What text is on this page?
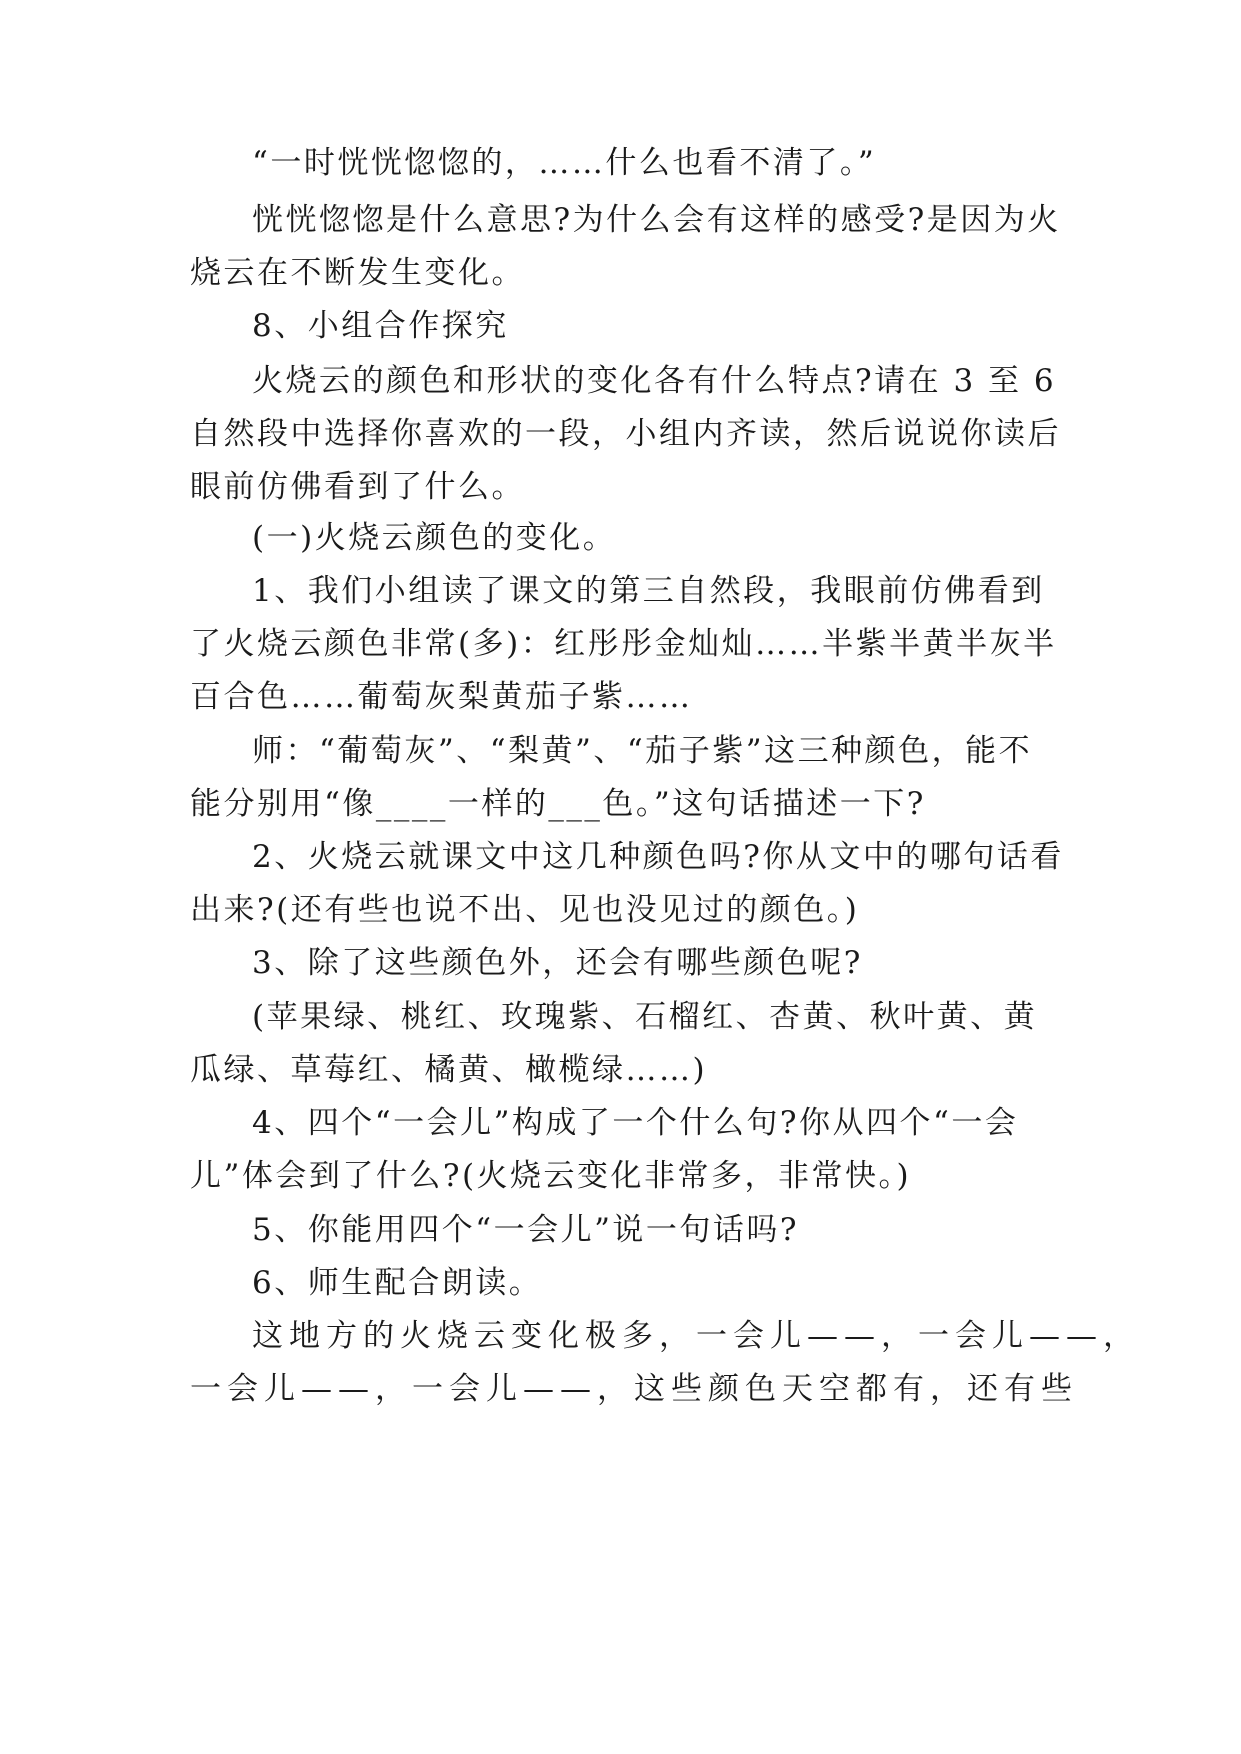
“一时恍恍惚惚的，……什么也看不清了。”
恍恍惚惚是什么意思?为什么会有这样的感受?是因为火
烧云在不断发生变化。
8、小组合作探究
火烧云的颜色和形状的变化各有什么特点?请在 3 至 6
自然段中选择你喜欢的一段，小组内齐读，然后说说你读后
眼前仿佛看到了什么。
(一)火烧云颜色的变化。
1、我们小组读了课文的第三自然段，我眼前仿佛看到
了火烧云颜色非常(多)：红彤彤金灿灿……半紫半黄半灰半
百合色……葡萄灰梨黄茄子紫……
师：“葡萄灰”、“梨黄”、“茄子紫”这三种颜色，能不
能分别用“像____一样的___色。”这句话描述一下?
2、火烧云就课文中这几种颜色吗?你从文中的哪句话看
出来?(还有些也说不出、见也没见过的颜色。)
3、除了这些颜色外，还会有哪些颜色呢?
(苹果绿、桃红、玫瑰紫、石榴红、杏黄、秋叶黄、黄
瓜绿、草莓红、橘黄、橄榄绿……)
4、四个“一会儿”构成了一个什么句?你从四个“一会
儿”体会到了什么?(火烧云变化非常多，非常快。)
5、你能用四个“一会儿”说一句话吗?
6、师生配合朗读。
这地方的火烧云变化极多，一会儿——，一会儿——，
一会儿——，一会儿——，这些颜色天空都有，还有些
